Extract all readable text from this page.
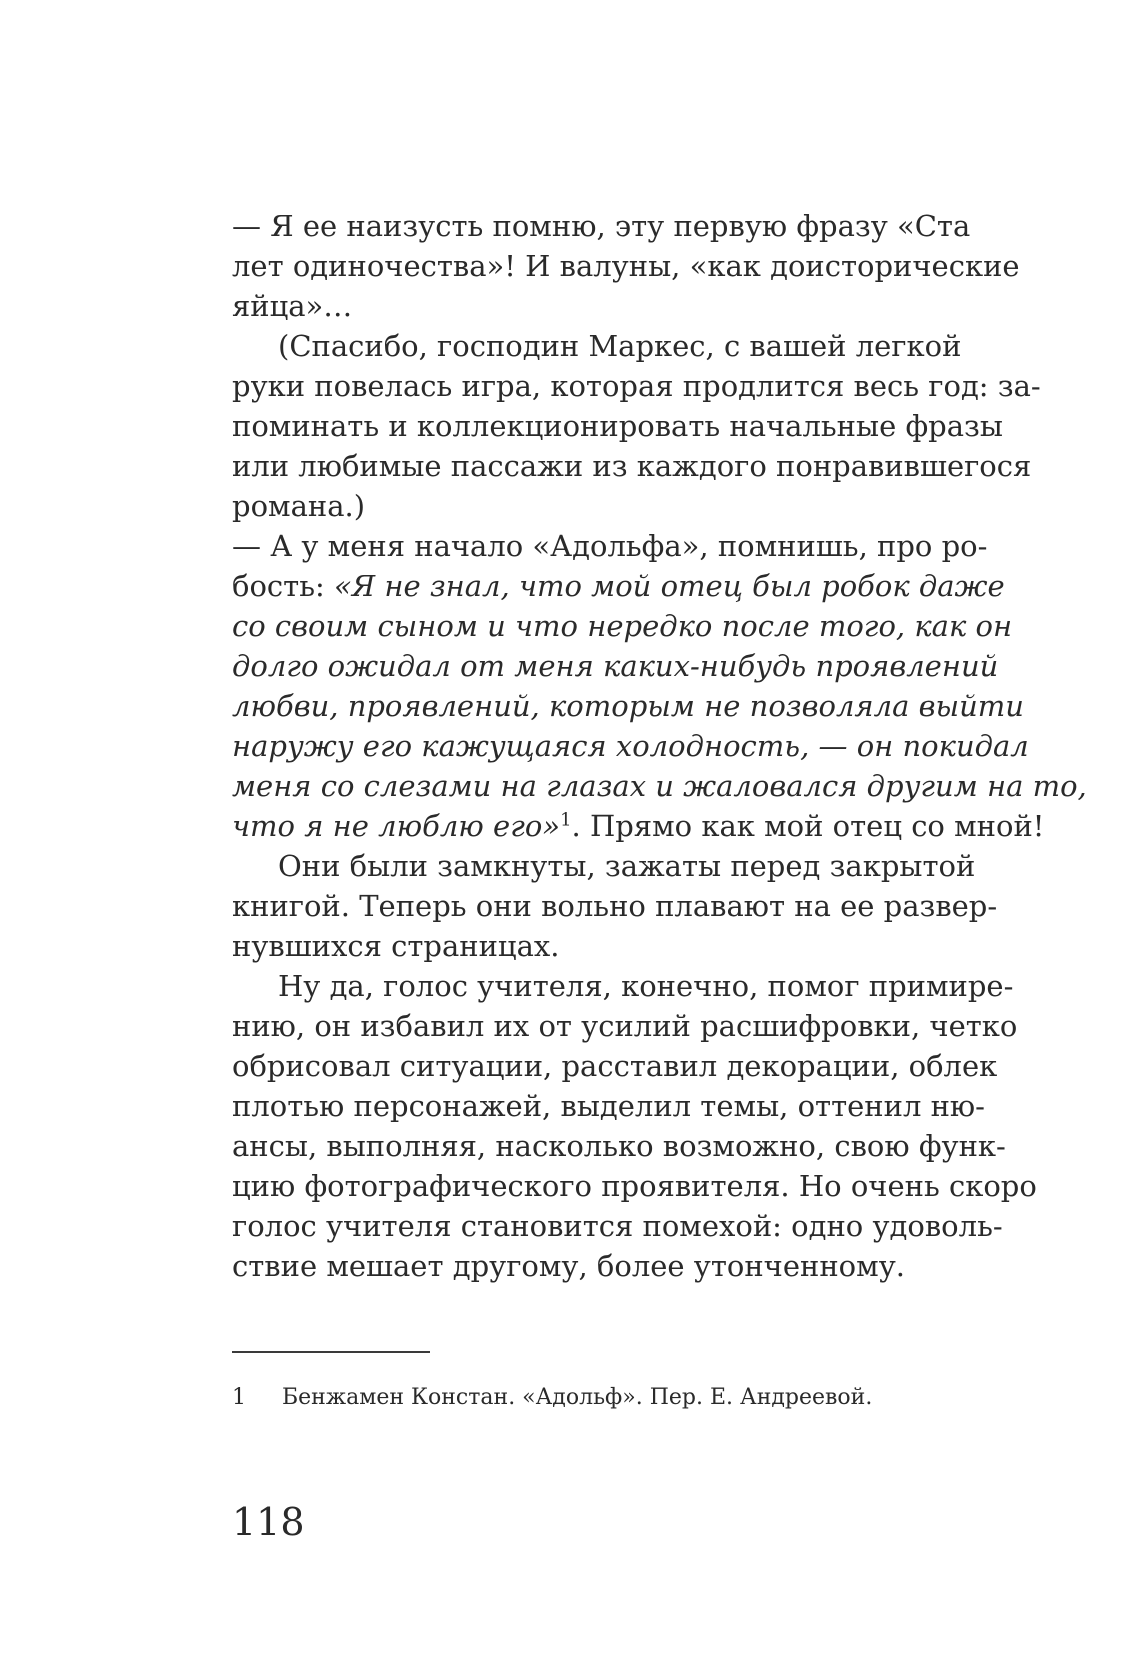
— Я ее наизусть помню, эту первую фразу «Ста
лет одиночества»! И валуны, «как доисторические
яйца»…
(Спасибо, господин Маркес, с вашей легкой
руки повелась игра, которая продлится весь год: за-
поминать и коллекционировать начальные фразы
или любимые пассажи из каждого понравившегося
романа.)
— А у меня начало «Адольфа», помнишь, про ро-
бость: «Я не знал, что мой отец был робок даже
со своим сыном и что нередко после того, как он
долго ожидал от меня каких-нибудь проявлений
любви, проявлений, которым не позволяла выйти
наружу его кажущаяся холодность, — он покидал
меня со слезами на глазах и жаловался другим на то,
что я не люблю его»$^1$. Прямо как мой отец со мной!
Они были замкнуты, зажаты перед закрытой
книгой. Теперь они вольно плавают на ее развер-
нувшихся страницах.
Ну да, голос учителя, конечно, помог примире-
нию, он избавил их от усилий расшифровки, четко
обрисовал ситуации, расставил декорации, облек
плотью персонажей, выделил темы, оттенил ню-
ансы, выполняя, насколько возможно, свою функ-
цию фотографического проявителя. Но очень скоро
голос учителя становится помехой: одно удоволь-
ствие мешает другому, более утонченному.
1 Бенжамен Констан. «Адольф». Пер. Е. Андреевой.
118
